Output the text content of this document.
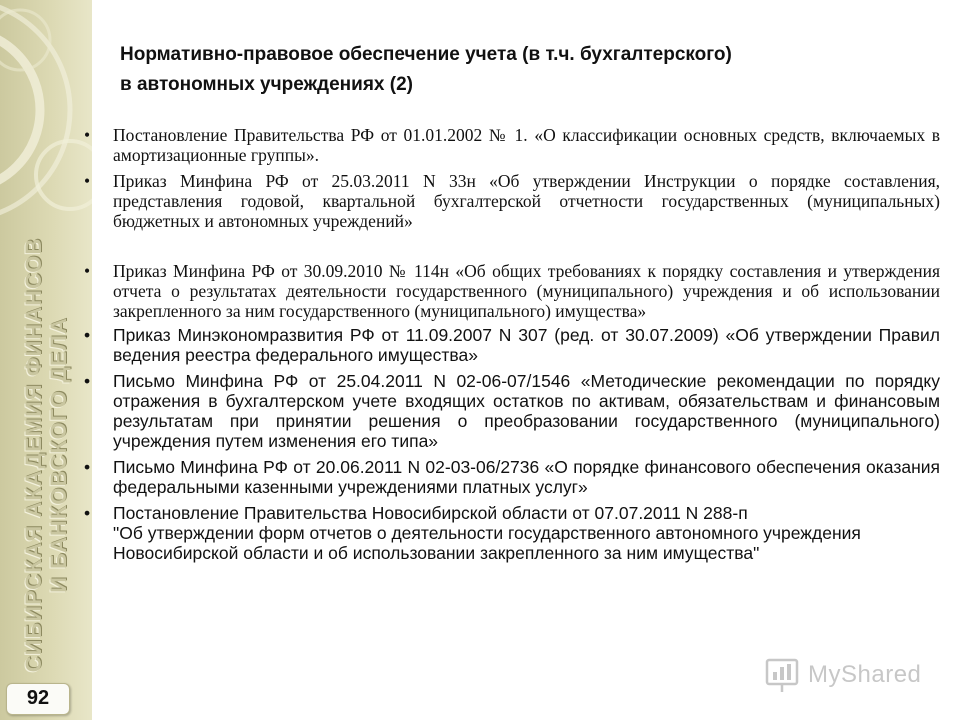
СИБИРСКАЯ АКАДЕМИЯ ФИНАНСОВ И БАНКОВСКОГО ДЕЛА
92
Нормативно-правовое обеспечение учета (в т.ч. бухгалтерского)
в автономных учреждениях (2)
• Постановление Правительства РФ от 01.01.2002 № 1. «О классификации основных средств, включаемых в амортизационные группы».
• Приказ Минфина РФ от 25.03.2011 N 33н «Об утверждении Инструкции о порядке составления, представления годовой, квартальной бухгалтерской отчетности государственных (муниципальных) бюджетных и автономных учреждений»
• Приказ Минфина РФ от 30.09.2010 № 114н «Об общих требованиях к порядку составления и утверждения отчета о результатах деятельности государственного (муниципального) учреждения и об использовании закрепленного за ним государственного (муниципального) имущества»
• Приказ Минэкономразвития РФ от 11.09.2007 N 307 (ред. от 30.07.2009) «Об утверждении Правил ведения реестра федерального имущества»
• Письмо Минфина РФ от 25.04.2011 N 02-06-07/1546 «Методические рекомендации по порядку отражения в бухгалтерском учете входящих остатков по активам, обязательствам и финансовым результатам при принятии решения о преобразовании государственного (муниципального) учреждения путем изменения его типа»
• Письмо Минфина РФ от 20.06.2011 N 02-03-06/2736 «О порядке финансового обеспечения оказания федеральными казенными учреждениями платных услуг»
• Постановление Правительства Новосибирской области от 07.07.2011 N 288-п
"Об утверждении форм отчетов о деятельности государственного автономного учреждения Новосибирской области и об использовании закрепленного за ним имущества"
MyShared
